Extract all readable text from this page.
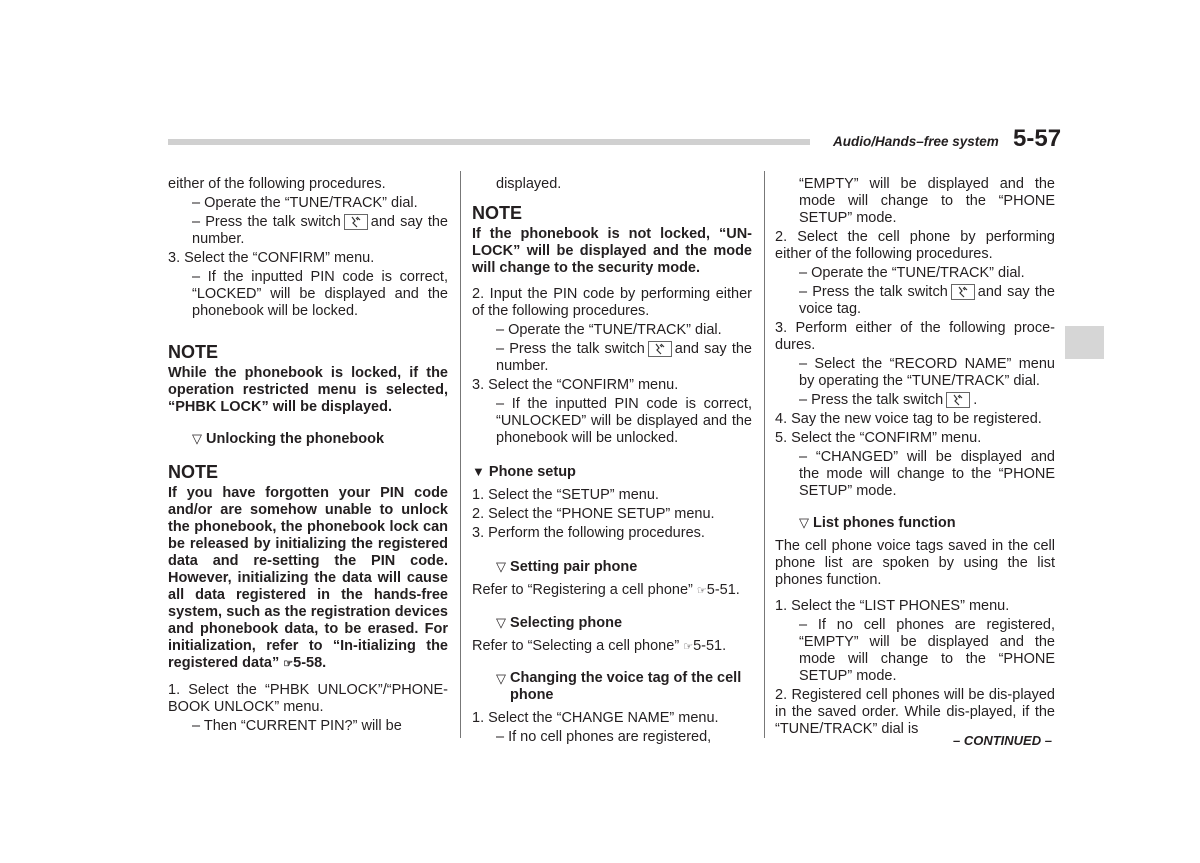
Audio/Hands–free system 5-57

either of the following procedures.

– Operate the “TUNE/TRACK” dial.

– Press the talk switch and say the number.

3. Select the “CONFIRM” menu.

– If the inputted PIN code is correct, “LOCKED” will be displayed and the phonebook will be locked.

NOTE

While the phonebook is locked, if the operation restricted menu is selected, “PHBK LOCK” will be displayed.

▽ Unlocking the phonebook
NOTE

If you have forgotten your PIN code and/or are somehow unable to unlock the phonebook, the phonebook lock can be released by initializing the registered data and re-setting the PIN code. However, initializing the data will cause all data registered in the hands-free system, such as the registration devices and phonebook data, to be erased. For initialization, refer to “In-itializing the registered data” ☞5-58.

1. Select the “PHBK UNLOCK”/“PHONE-BOOK UNLOCK” menu.

– Then “CURRENT PIN?” will be

displayed.

NOTE

If the phonebook is not locked, “UN-LOCK” will be displayed and the mode will change to the security mode.

2. Input the PIN code by performing either of the following procedures.

– Operate the “TUNE/TRACK” dial.

– Press the talk switch and say the number.

3. Select the “CONFIRM” menu.

– If the inputted PIN code is correct, “UNLOCKED” will be displayed and the phonebook will be unlocked.

▼ Phone setup

1. Select the “SETUP” menu.

2. Select the “PHONE SETUP” menu.

3. Perform the following procedures.

▽ Setting pair phone

Refer to “Registering a cell phone” ☞5-51.

▽ Selecting phone

Refer to “Selecting a cell phone” ☞5-51.

▽ Changing the voice tag of the cell phone

1. Select the “CHANGE NAME” menu.

– If no cell phones are registered,

“EMPTY” will be displayed and the mode will change to the “PHONE SETUP” mode.

2. Select the cell phone by performing either of the following procedures.

– Operate the “TUNE/TRACK” dial.

– Press the talk switch and say the voice tag.

3. Perform either of the following proce-dures.

– Select the “RECORD NAME” menu by operating the “TUNE/TRACK” dial.

– Press the talk switch .

4. Say the new voice tag to be registered.

5. Select the “CONFIRM” menu.

– “CHANGED” will be displayed and the mode will change to the “PHONE SETUP” mode.

▽ List phones function

The cell phone voice tags saved in the cell phone list are spoken by using the list phones function.

1. Select the “LIST PHONES” menu.

– If no cell phones are registered, “EMPTY” will be displayed and the mode will change to the “PHONE SETUP” mode.

2. Registered cell phones will be dis-played in the saved order. While dis-played, if the “TUNE/TRACK” dial is

– CONTINUED –
